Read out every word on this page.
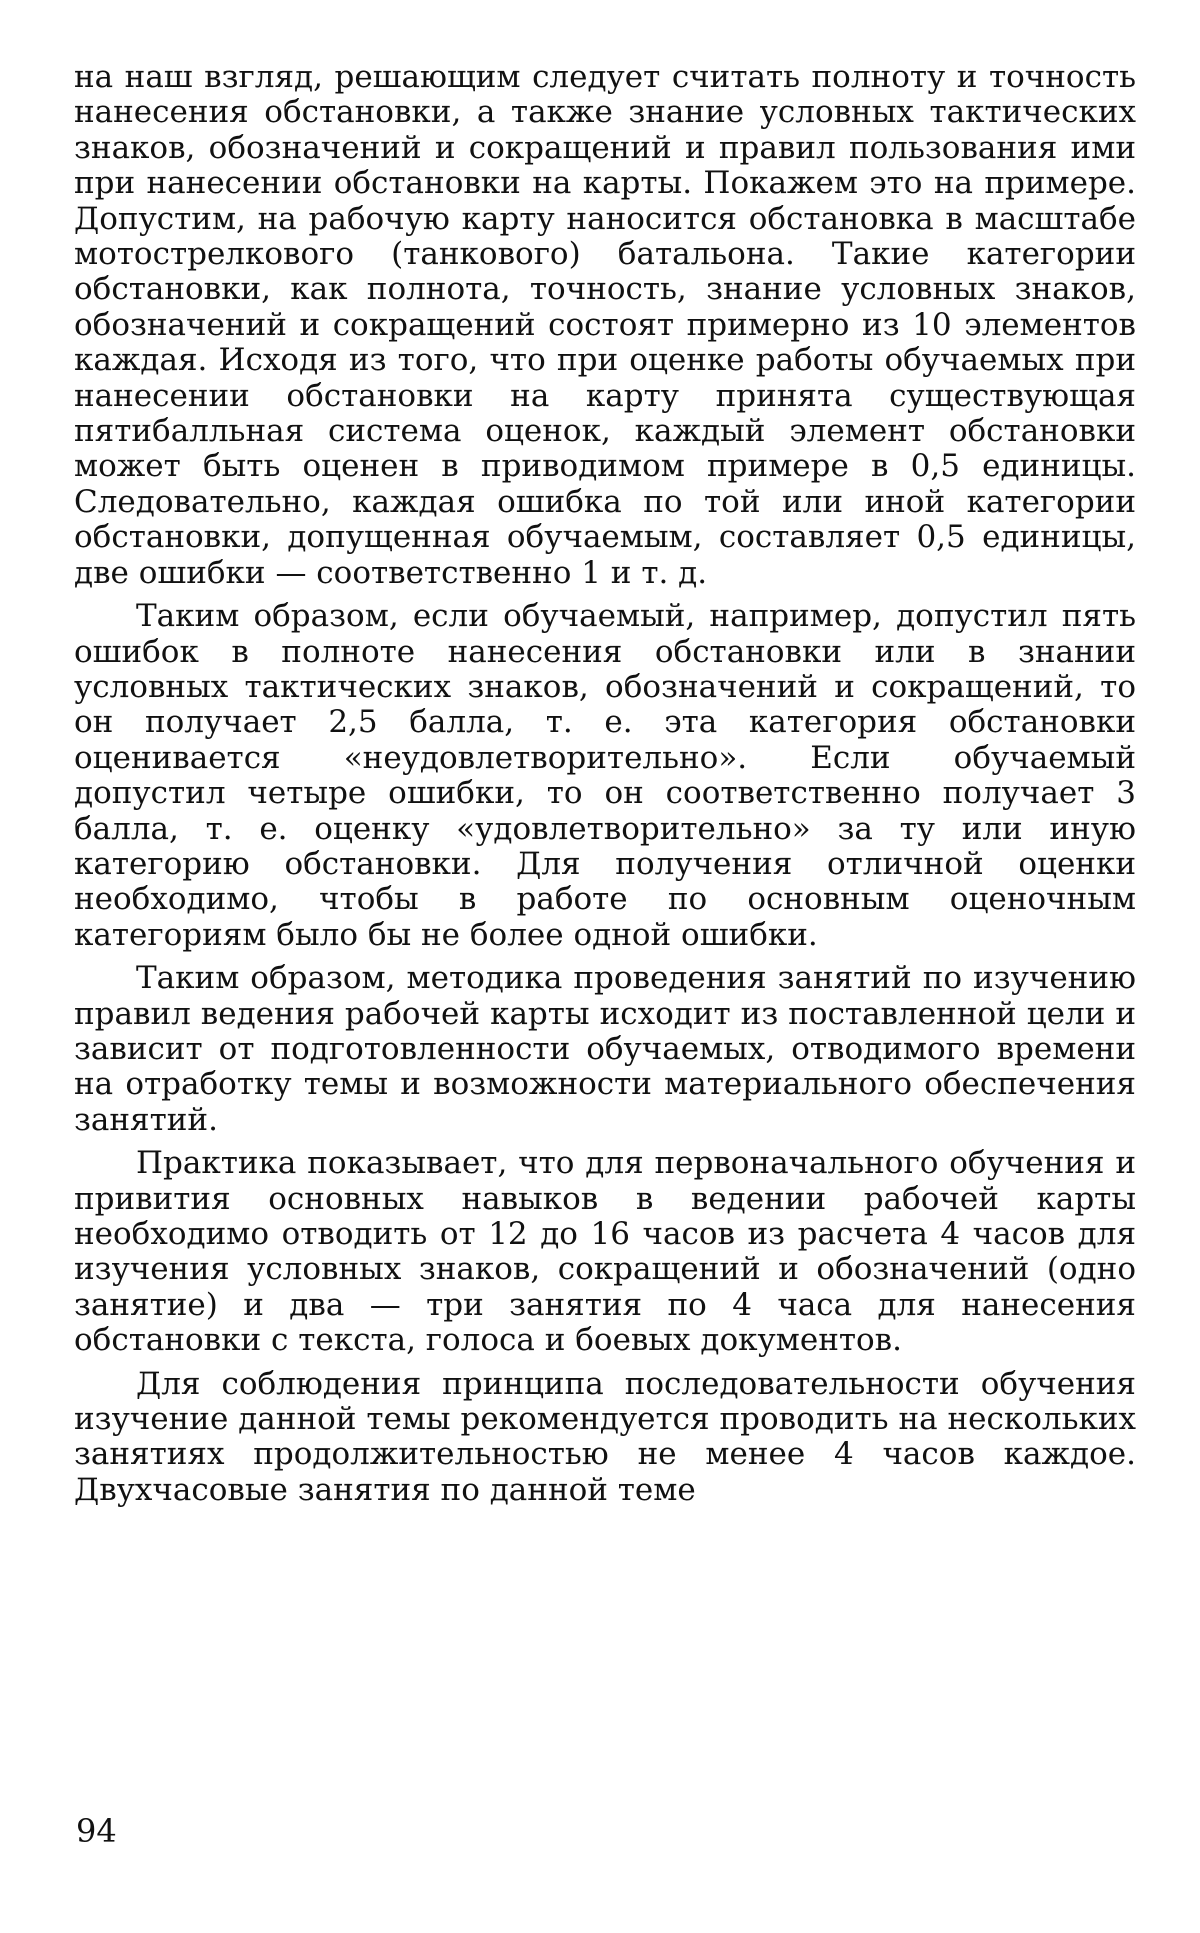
на наш взгляд, решающим следует считать полноту и точность нанесения обстановки, а также знание условных тактических знаков, обозначений и сокращений и правил пользования ими при нанесении обстановки на карты. Покажем это на примере. Допустим, на рабочую карту наносится обстановка в масштабе мотострелкового (танкового) батальона. Такие категории обстановки, как полнота, точность, знание условных знаков, обозначений и сокращений состоят примерно из 10 элементов каждая. Исходя из того, что при оценке работы обучаемых при нанесении обстановки на карту принята существующая пятибалльная система оценок, каждый элемент обстановки может быть оценен в приводимом примере в 0,5 единицы. Следовательно, каждая ошибка по той или иной категории обстановки, допущенная обучаемым, составляет 0,5 единицы, две ошибки — соответственно 1 и т. д.

Таким образом, если обучаемый, например, допустил пять ошибок в полноте нанесения обстановки или в знании условных тактических знаков, обозначений и сокращений, то он получает 2,5 балла, т. е. эта категория обстановки оценивается «неудовлетворительно». Если обучаемый допустил четыре ошибки, то он соответственно получает 3 балла, т. е. оценку «удовлетворительно» за ту или иную категорию обстановки. Для получения отличной оценки необходимо, чтобы в работе по основным оценочным категориям было бы не более одной ошибки.

Таким образом, методика проведения занятий по изучению правил ведения рабочей карты исходит из поставленной цели и зависит от подготовленности обучаемых, отводимого времени на отработку темы и возможности материального обеспечения занятий.

Практика показывает, что для первоначального обучения и привития основных навыков в ведении рабочей карты необходимо отводить от 12 до 16 часов из расчета 4 часов для изучения условных знаков, сокращений и обозначений (одно занятие) и два — три занятия по 4 часа для нанесения обстановки с текста, голоса и боевых документов.

Для соблюдения принципа последовательности обучения изучение данной темы рекомендуется проводить на нескольких занятиях продолжительностью не менее 4 часов каждое. Двухчасовые занятия по данной теме

94
